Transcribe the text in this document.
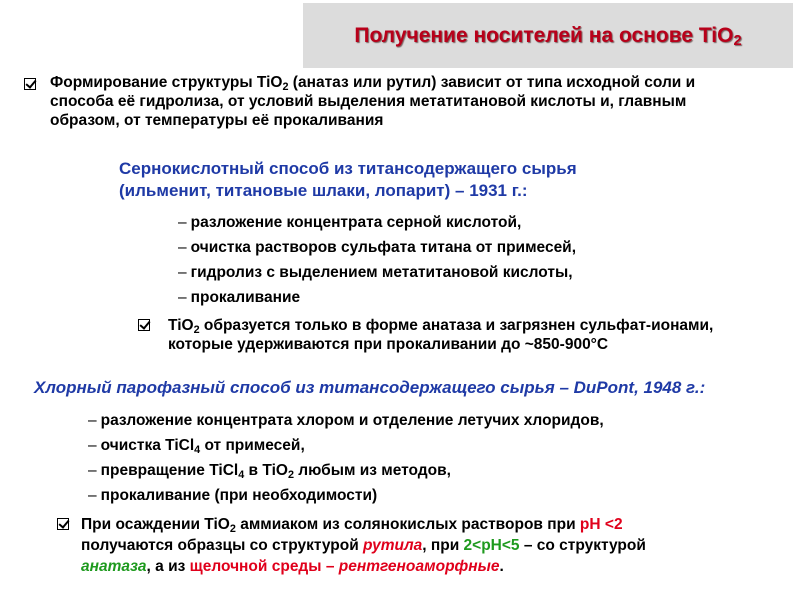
Получение носителей на основе TiO$_2$

Формирование структуры TiO$_2$ (анатаз или рутил) зависит от типа исходной соли и способа её гидролиза, от условий выделения метатитановой кислоты и, главным образом, от температуры её прокаливания

Сернокислотный способ из титансодержащего сырья
(ильменит, титановые шлаки, лопарит) – 1931 г.:
– разложение концентрата серной кислотой,
– очистка растворов сульфата титана от примесей,
– гидролиз с выделением метатитановой кислоты,
– прокаливание

TiO$_2$ образуется только в форме анатаза и загрязнен сульфат-ионами, которые удерживаются при прокаливании до ~850-900°С

Хлорный парофазный способ из титансодержащего сырья – DuPont, 1948 г.:
– разложение концентрата хлором и отделение летучих хлоридов,
– очистка TiCl$_4$ от примесей,
– превращение TiCl$_4$ в TiO$_2$ любым из методов,
– прокаливание (при необходимости)

При осаждении TiO$_2$ аммиаком из солянокислых растворов при pH <2 получаются образцы со структурой рутила, при 2<pH<5 – со структурой анатаза, а из щелочной среды – рентгеноаморфные.
